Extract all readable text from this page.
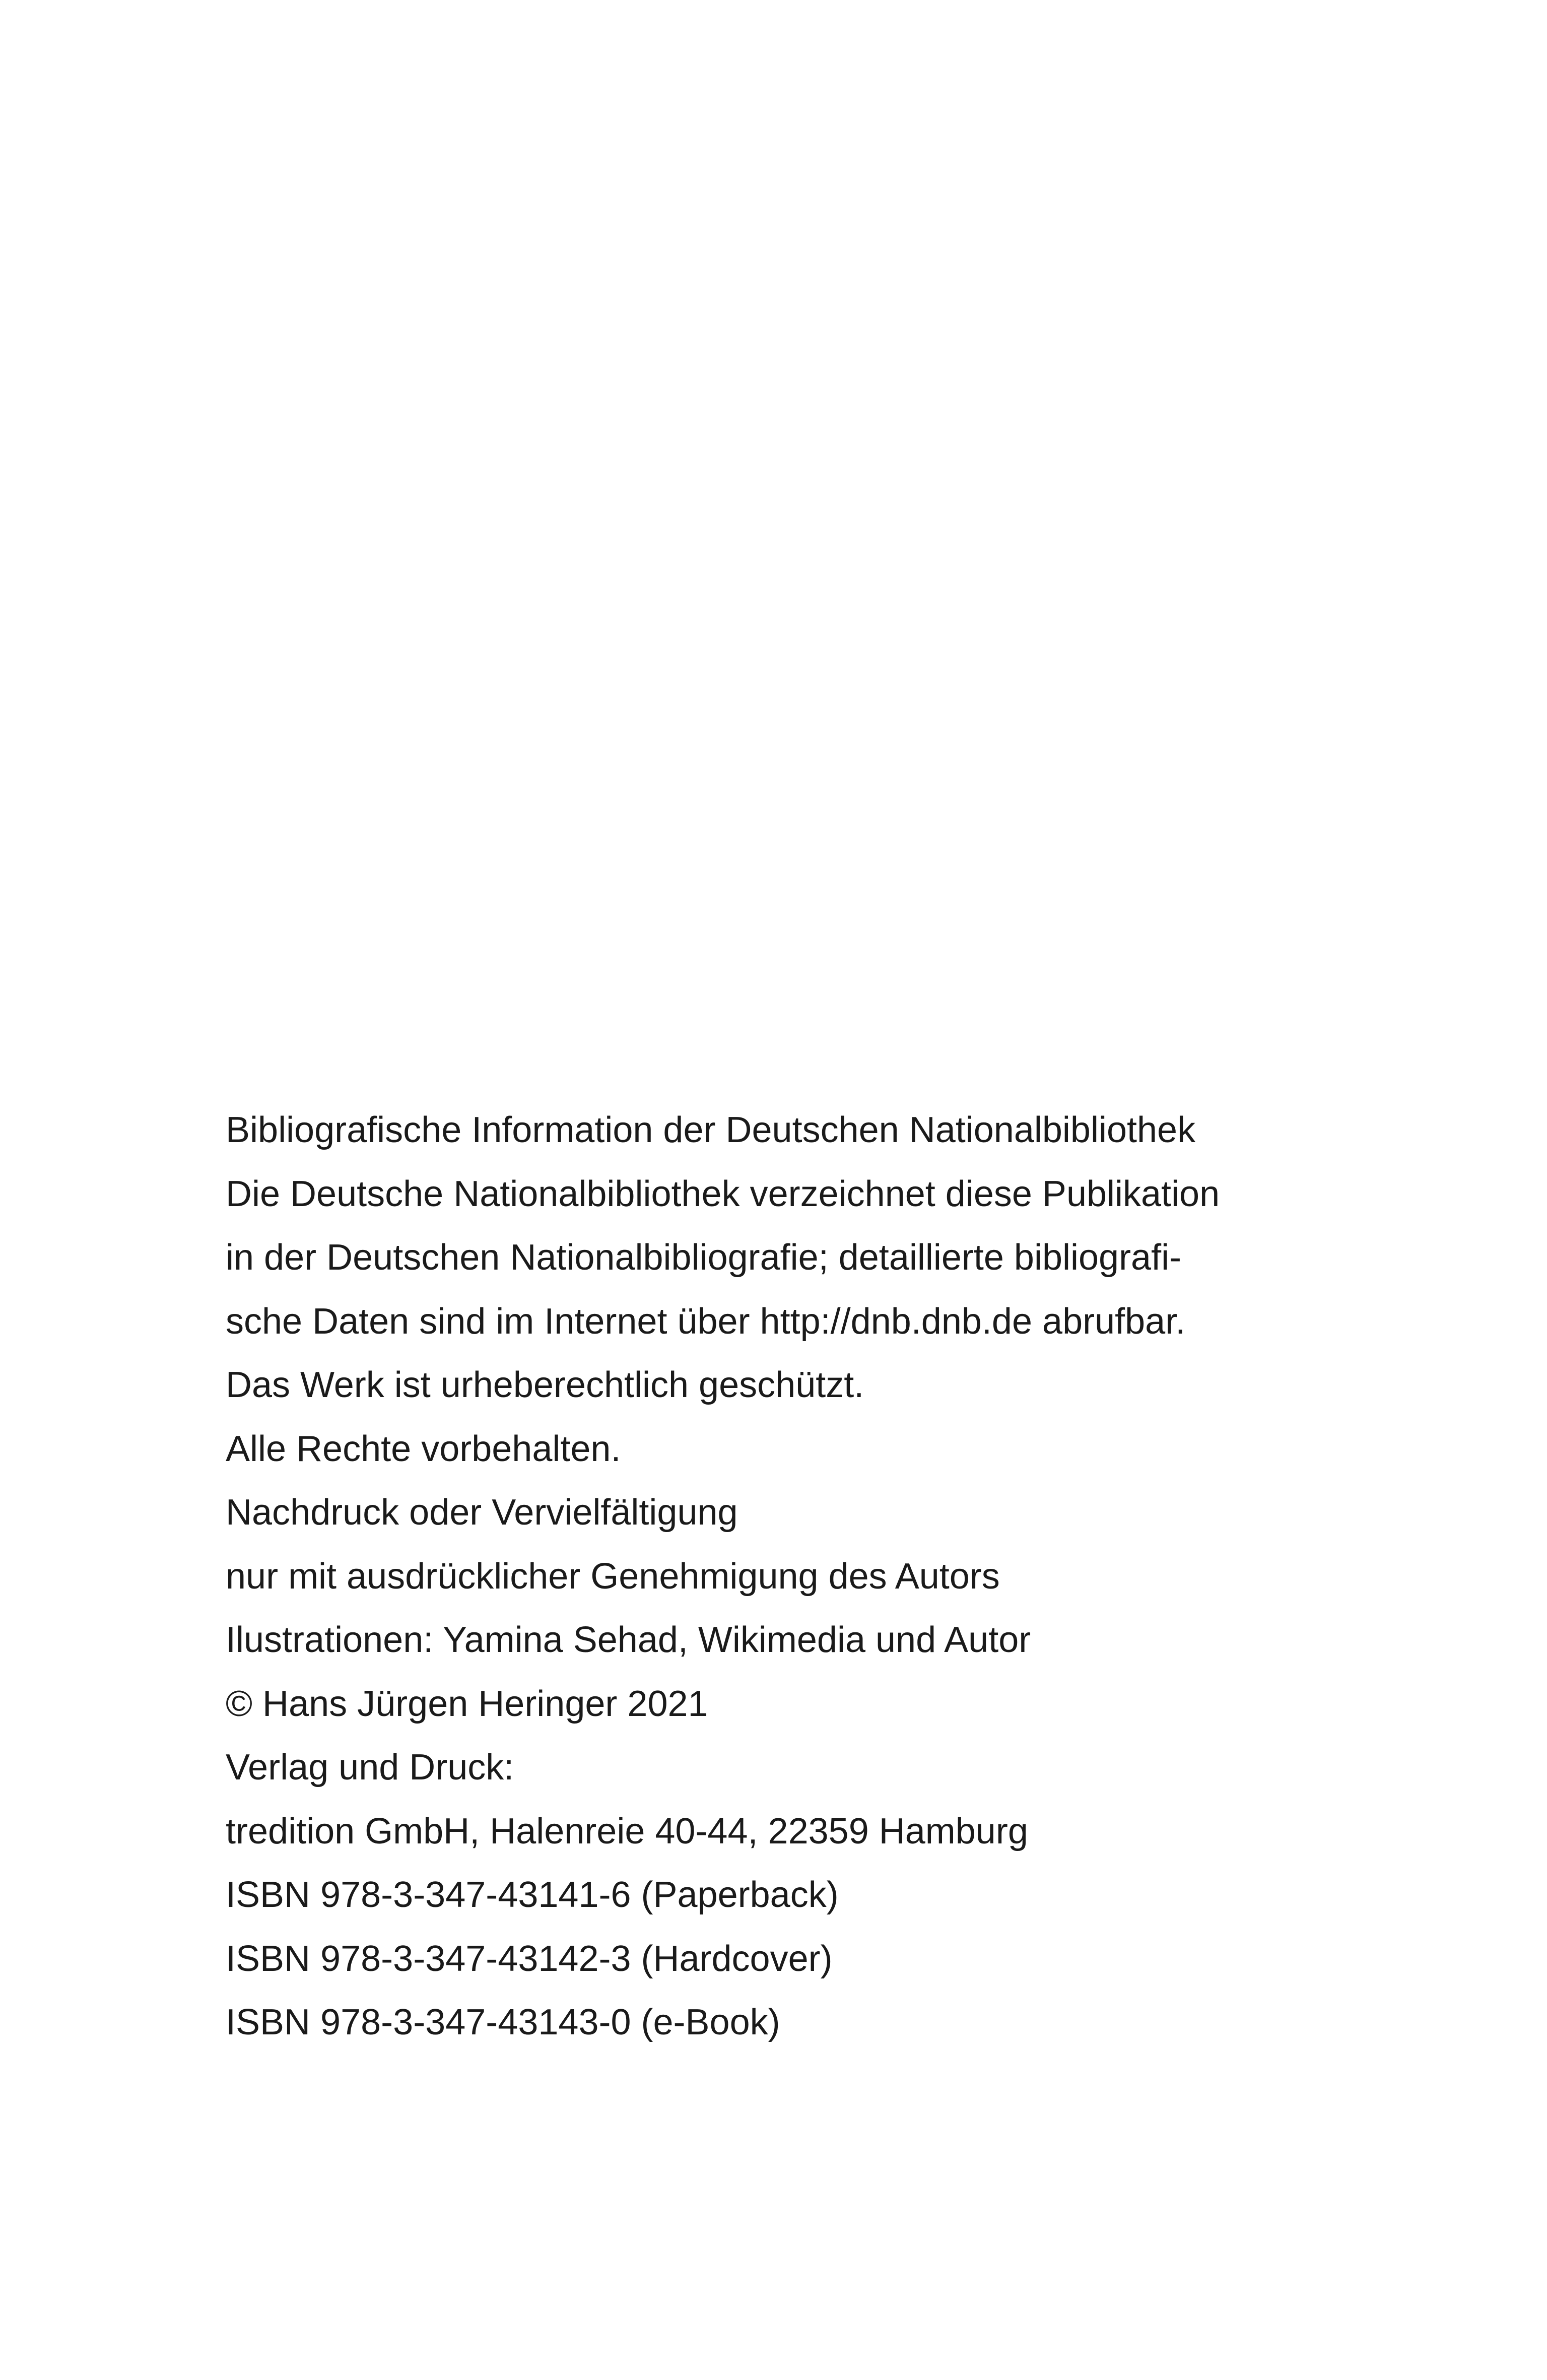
Bibliografische Information der Deutschen Nationalbibliothek
Die Deutsche Nationalbibliothek verzeichnet diese Publikation
in der Deutschen Nationalbibliografie; detaillierte bibliografi-
sche Daten sind im Internet über http://dnb.dnb.de abrufbar.
Das Werk ist urheberechtlich geschützt.
Alle Rechte vorbehalten.
Nachdruck oder Vervielfältigung
nur mit ausdrücklicher Genehmigung des Autors
Ilustrationen: Yamina Sehad, Wikimedia und Autor
© Hans Jürgen Heringer 2021
Verlag und Druck:
tredition GmbH, Halenreie 40-44, 22359 Hamburg
ISBN 978-3-347-43141-6 (Paperback)
ISBN 978-3-347-43142-3 (Hardcover)
ISBN 978-3-347-43143-0 (e-Book)
